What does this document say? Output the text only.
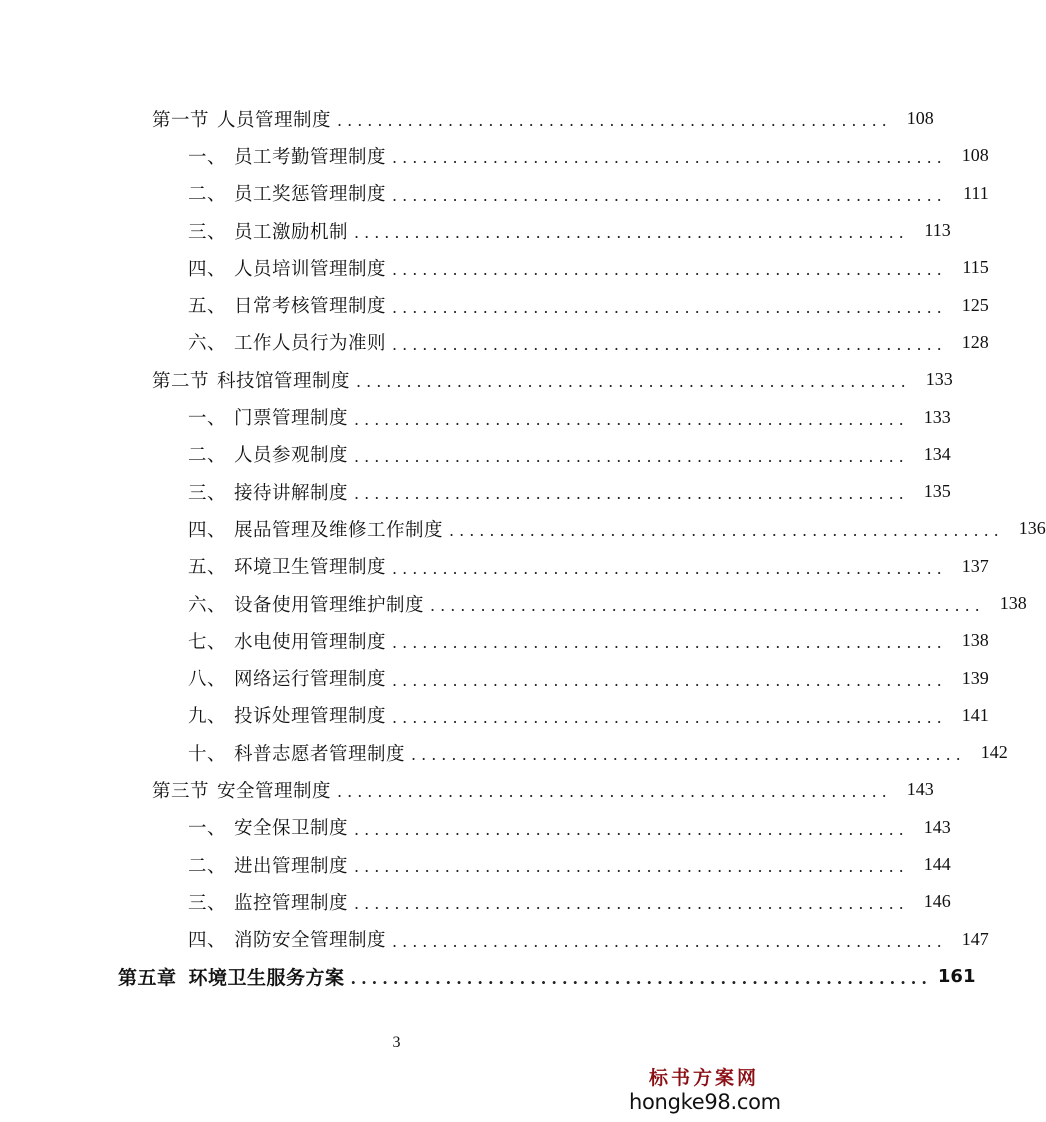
第一节 人员管理制度 ....................................................... 108
一、 员工考勤管理制度 ....................................................... 108
二、 员工奖惩管理制度 ....................................................... 111
三、 员工激励机制 ....................................................... 113
四、 人员培训管理制度 ....................................................... 115
五、 日常考核管理制度 ....................................................... 125
六、 工作人员行为准则 ....................................................... 128
第二节 科技馆管理制度 ....................................................... 133
一、 门票管理制度 ....................................................... 133
二、 人员参观制度 ....................................................... 134
三、 接待讲解制度 ....................................................... 135
四、 展品管理及维修工作制度 ....................................................... 136
五、 环境卫生管理制度 ....................................................... 137
六、 设备使用管理维护制度 ....................................................... 138
七、 水电使用管理制度 ....................................................... 138
八、 网络运行管理制度 ....................................................... 139
九、 投诉处理管理制度 ....................................................... 141
十、 科普志愿者管理制度 ....................................................... 142
第三节 安全管理制度 ....................................................... 143
一、 安全保卫制度 ....................................................... 143
二、 进出管理制度 ....................................................... 144
三、 监控管理制度 ....................................................... 146
四、 消防安全管理制度 ....................................................... 147
第五章 环境卫生服务方案 ....................................................... 161
3
标书方案网
hongke98.com
